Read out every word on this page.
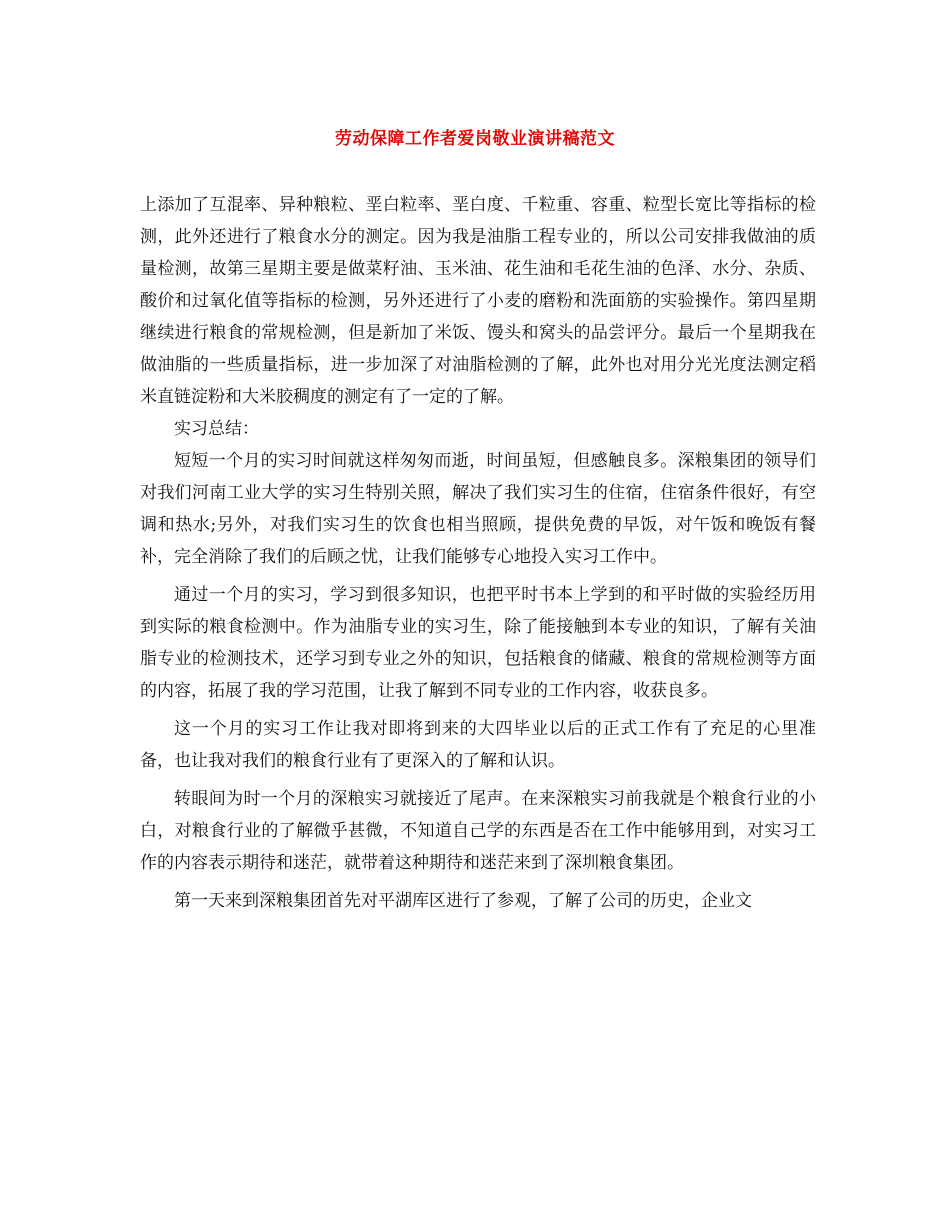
劳动保障工作者爱岗敬业演讲稿范文

上添加了互混率、异种粮粒、垩白粒率、垩白度、千粒重、容重、粒型长宽比等指标的检测，此外还进行了粮食水分的测定。因为我是油脂工程专业的，所以公司安排我做油的质量检测，故第三星期主要是做菜籽油、玉米油、花生油和毛花生油的色泽、水分、杂质、酸价和过氧化值等指标的检测，另外还进行了小麦的磨粉和洗面筋的实验操作。第四星期继续进行粮食的常规检测，但是新加了米饭、馒头和窝头的品尝评分。最后一个星期我在做油脂的一些质量指标，进一步加深了对油脂检测的了解，此外也对用分光光度法测定稻米直链淀粉和大米胶稠度的测定有了一定的了解。

实习总结：

短短一个月的实习时间就这样匆匆而逝，时间虽短，但感触良多。深粮集团的领导们对我们河南工业大学的实习生特别关照，解决了我们实习生的住宿，住宿条件很好，有空调和热水;另外，对我们实习生的饮食也相当照顾，提供免费的早饭，对午饭和晚饭有餐补，完全消除了我们的后顾之忧，让我们能够专心地投入实习工作中。

通过一个月的实习，学习到很多知识，也把平时书本上学到的和平时做的实验经历用到实际的粮食检测中。作为油脂专业的实习生，除了能接触到本专业的知识，了解有关油脂专业的检测技术，还学习到专业之外的知识，包括粮食的储藏、粮食的常规检测等方面的内容，拓展了我的学习范围，让我了解到不同专业的工作内容，收获良多。

这一个月的实习工作让我对即将到来的大四毕业以后的正式工作有了充足的心里准备，也让我对我们的粮食行业有了更深入的了解和认识。

转眼间为时一个月的深粮实习就接近了尾声。在来深粮实习前我就是个粮食行业的小白，对粮食行业的了解微乎甚微，不知道自己学的东西是否在工作中能够用到，对实习工作的内容表示期待和迷茫，就带着这种期待和迷茫来到了深圳粮食集团。

第一天来到深粮集团首先对平湖库区进行了参观，了解了公司的历史，企业文
